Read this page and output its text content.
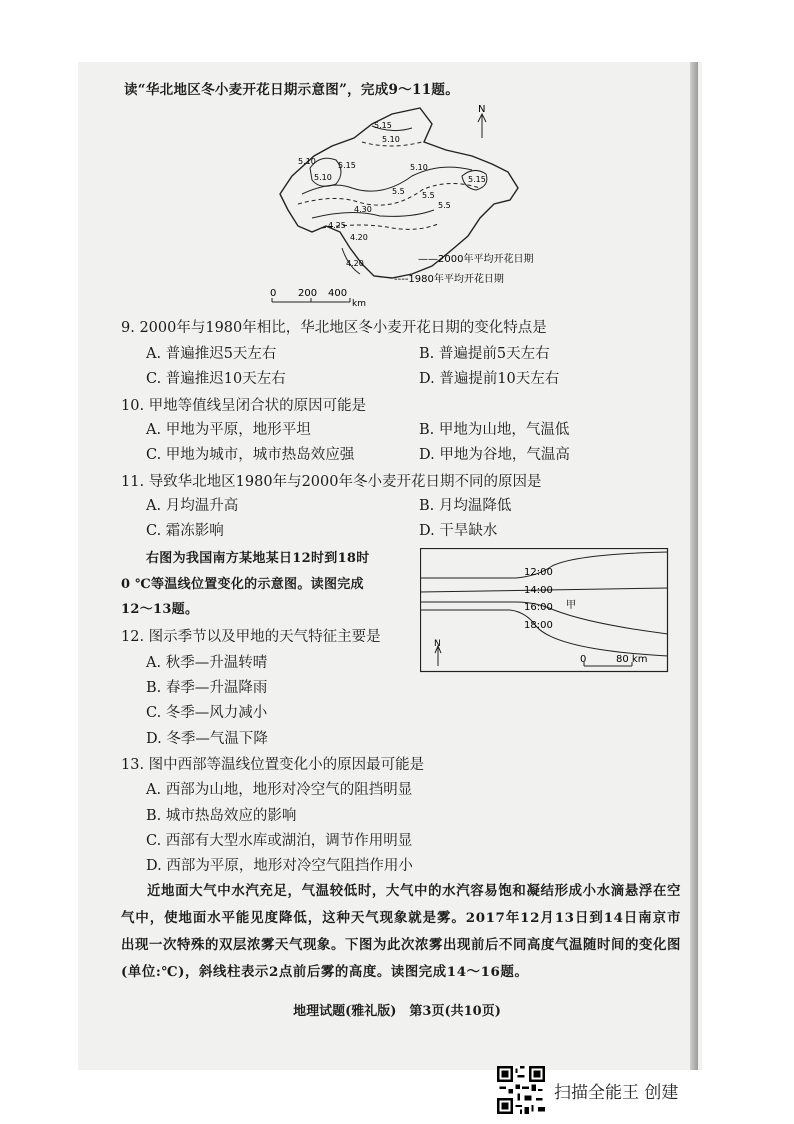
读“华北地区冬小麦开花日期示意图”，完成9～11题。
5.15
5.10
5.10	5.15	5.10
5.5 5.5
5.15
4.30
4.25
4.20
4.20
5.10
5.5
N
——2000年平均开花日期
----1980年平均开花日期
0 200 400
km
9. 2000年与1980年相比，华北地区冬小麦开花日期的变化特点是
A. 普遍推迟5天左右	B. 普遍提前5天左右
C. 普遍推迟10天左右	D. 普遍提前10天左右
10. 甲地等值线呈闭合状的原因可能是
A. 甲地为平原，地形平坦	B. 甲地为山地，气温低
C. 甲地为城市，城市热岛效应强	D. 甲地为谷地，气温高
11. 导致华北地区1980年与2000年冬小麦开花日期不同的原因是
A. 月均温升高	B. 月均温降低
C. 霜冻影响	D. 干旱缺水
右图为我国南方某地某日12时到18时
0 ℃等温线位置变化的示意图。读图完成
12～13题。
12:00
14:00
16:00
18:00
甲
N
0	80 km
12. 图示季节以及甲地的天气特征主要是
A. 秋季—升温转晴
B. 春季—升温降雨
C. 冬季—风力减小
D. 冬季—气温下降
13. 图中西部等温线位置变化小的原因最可能是
A. 西部为山地，地形对冷空气的阻挡明显
B. 城市热岛效应的影响
C. 西部有大型水库或湖泊，调节作用明显
D. 西部为平原，地形对冷空气阻挡作用小
近地面大气中水汽充足，气温较低时，大气中的水汽容易饱和凝结形成小水滴悬浮在空气中，使地面水平能见度降低，这种天气现象就是雾。2017年12月13日到14日南京市出现一次特殊的双层浓雾天气现象。下图为此次浓雾出现前后不同高度气温随时间的变化图(单位:℃)，斜线柱表示2点前后雾的高度。读图完成14～16题。
地理试题(雅礼版)　第3页(共10页)
扫描全能王 创建
